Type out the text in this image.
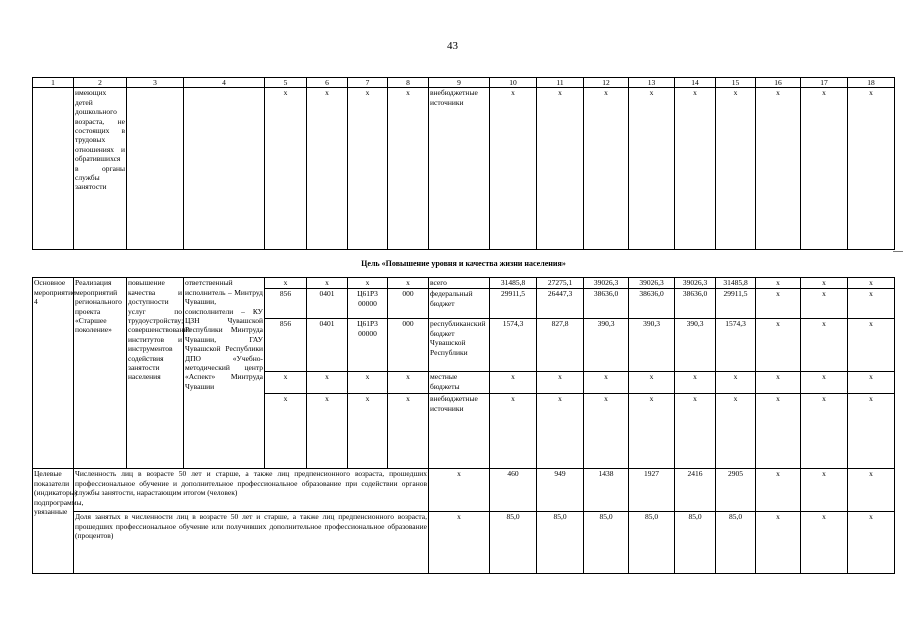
43
1	2	3	4	5	6	7	8	9	10	11	12	13	14	15	16	17	18
	имеющих детей дошкольного возраста, не состоящих в трудовых отношениях и обратившихся в органы службы занятости			x	x	x	x	внебюджетные источники	x	x	x	x	x	x	x	x	x
Цель «Повышение уровня и качества жизни населения»																	
Основное мероприятие 4	Реализация мероприятий регионального проекта «Старшее поколение»	повышение качества и доступности услуг по трудоустройству; совершенствование институтов и инструментов содействия занятости населения	ответственный исполнитель – Минтруд Чувашии, соисполнители – КУ ЦЗН Чувашской Республики Минтруда Чувашии, ГАУ Чувашской Республики ДПО «Учебно-методический центр «Аспект» Минтруда Чувашии	x	x	x	x	всего	31485,8	27275,1	39026,3	39026,3	39026,3	31485,8	x	x	x
				856	0401	Ц61Р3 00000	000	федеральный бюджет	29911,5	26447,3	38636,0	38636,0	38636,0	29911,5	x	x	x
				856	0401	Ц61Р3 00000	000	республиканский бюджет Чувашской Республики	1574,3	827,8	390,3	390,3	390,3	1574,3	x	x	x
				x	x	x	x	местные бюджеты	x	x	x	x	x	x	x	x	x
				x	x	x	x	внебюджетные источники	x	x	x	x	x	x	x	x	x
Целевые показатели (индикаторы) подпрограммы, увязанные	Численность лиц в возрасте 50 лет и старше, а также лиц предпенсионного возраста, прошедших профессиональное обучение и дополнительное профессиональное образование при содействии органов службы занятости, нарастающим итогом (человек)							x	460	949	1438	1927	2416	2905	x	x	x
	Доля занятых в численности лиц в возрасте 50 лет и старше, а также лиц предпенсионного возраста, прошедших профессиональное обучение или получивших дополнительное профессиональное образование (процентов)							x	85,0	85,0	85,0	85,0	85,0	85,0	x	x	x
